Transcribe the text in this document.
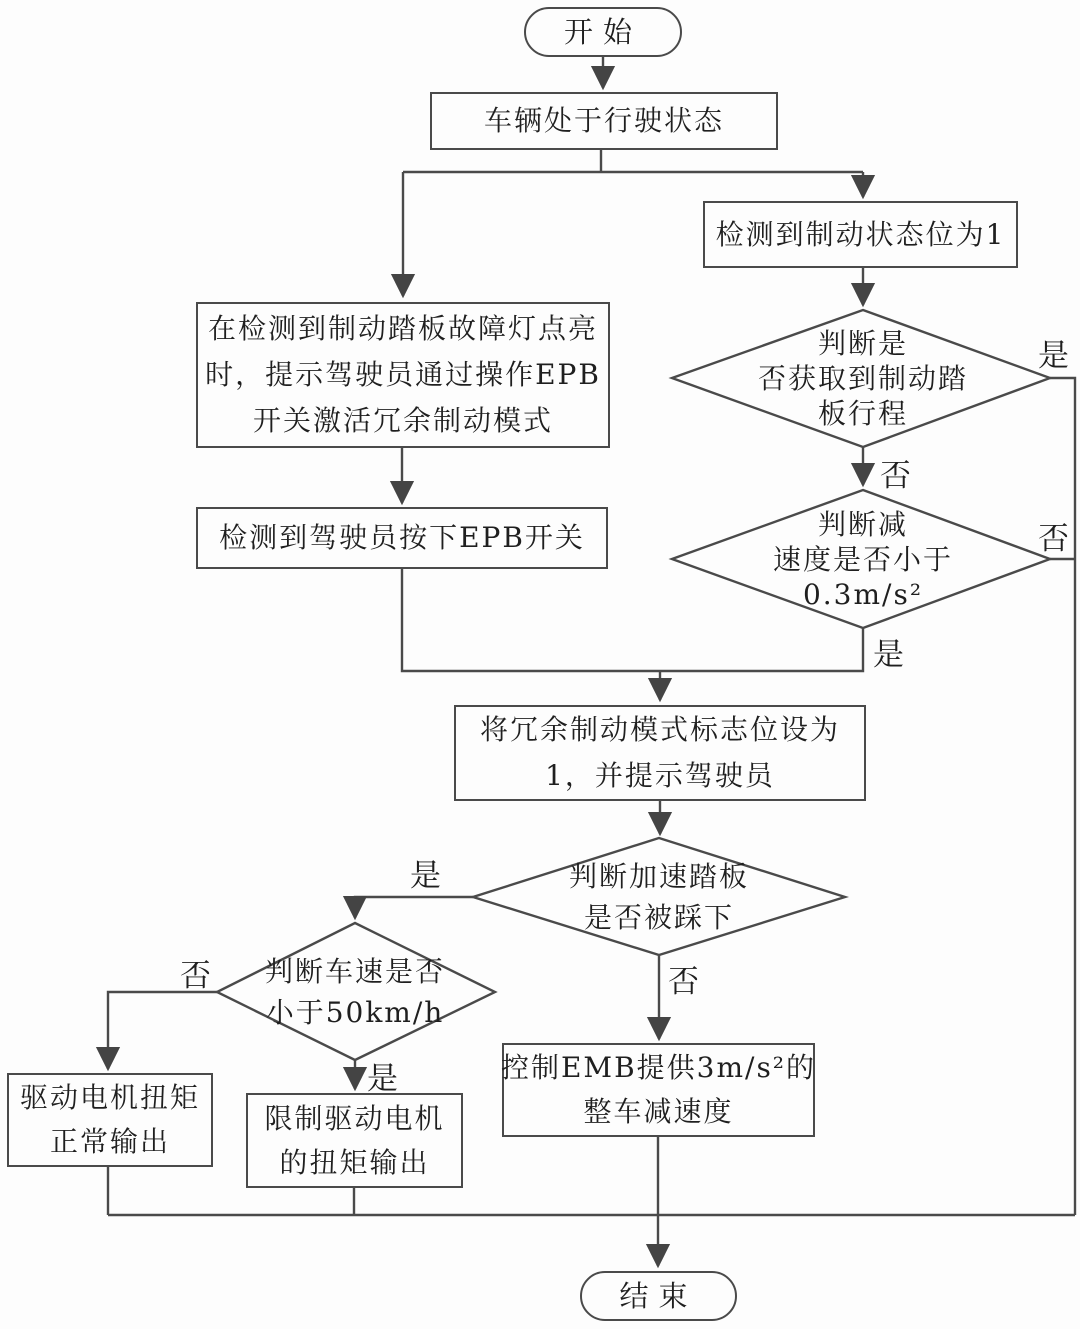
开始
车辆处于行驶状态
在检测到制动踏板故障灯点亮
时，提示驾驶员通过操作EPB
开关激活冗余制动模式
检测到驾驶员按下EPB开关
检测到制动状态位为1
将冗余制动模式标志位设为
1，并提示驾驶员
驱动电机扭矩
正常输出
限制驱动电机
的扭矩输出
控制EMB提供3m/s²的
整车减速度
结束
判断是
否获取到制动踏
板行程
判断减
速度是否小于
0.3m/s²
判断加速踏板
是否被踩下
判断车速是否
小于50km/h
是
否
否
是
是
否
否
是
